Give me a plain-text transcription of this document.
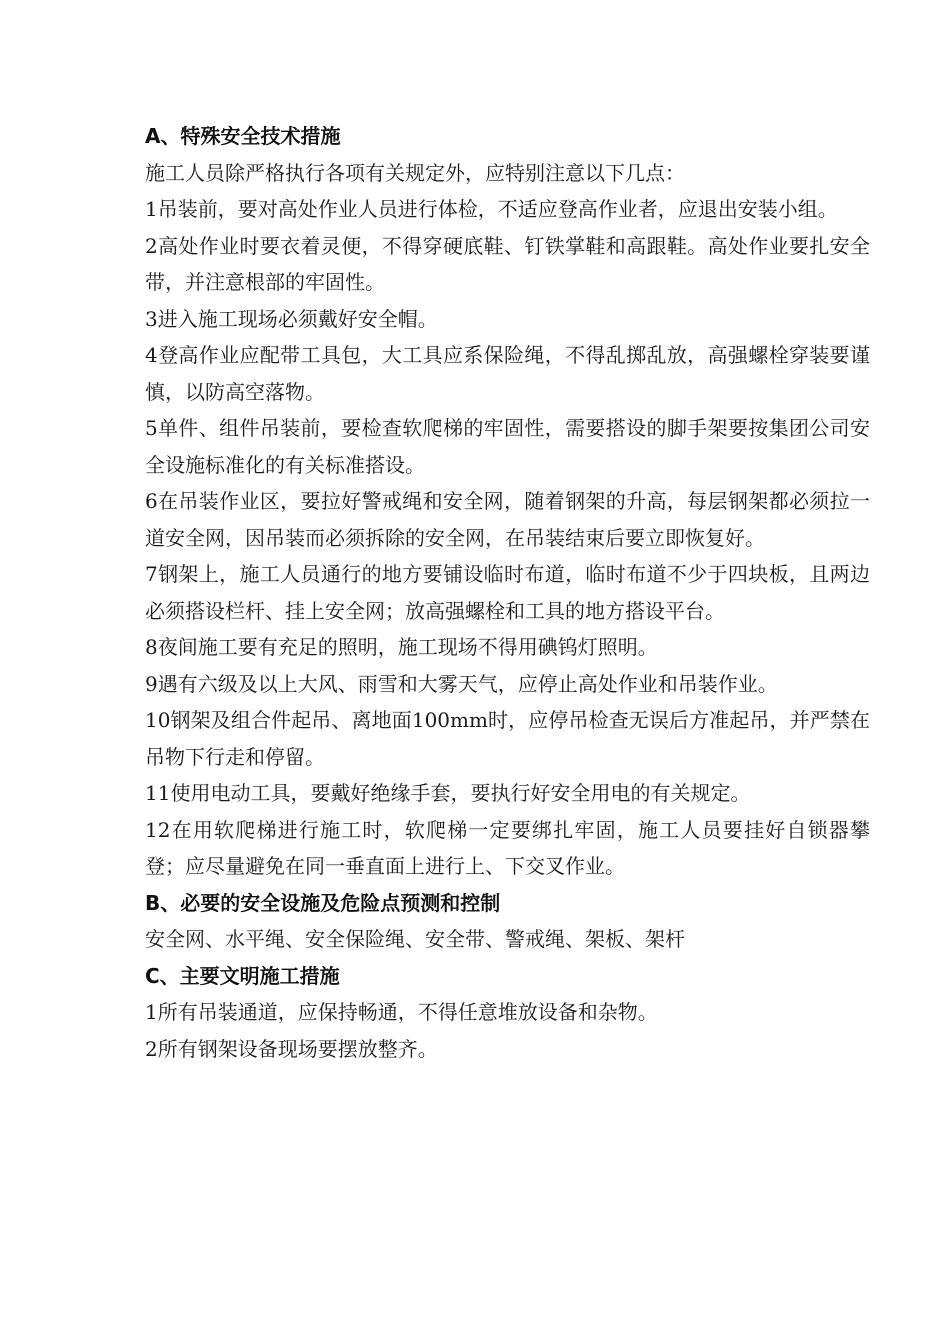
A、特殊安全技术措施

施工人员除严格执行各项有关规定外，应特别注意以下几点：

1吊装前，要对高处作业人员进行体检，不适应登高作业者，应退出安装小组。

2高处作业时要衣着灵便，不得穿硬底鞋、钉铁掌鞋和高跟鞋。高处作业要扎安全带，并注意根部的牢固性。

3进入施工现场必须戴好安全帽。

4登高作业应配带工具包，大工具应系保险绳，不得乱掷乱放，高强螺栓穿装要谨慎，以防高空落物。

5单件、组件吊装前，要检查软爬梯的牢固性，需要搭设的脚手架要按集团公司安全设施标准化的有关标准搭设。

6在吊装作业区，要拉好警戒绳和安全网，随着钢架的升高，每层钢架都必须拉一道安全网，因吊装而必须拆除的安全网，在吊装结束后要立即恢复好。

7钢架上，施工人员通行的地方要铺设临时布道，临时布道不少于四块板，且两边必须搭设栏杆、挂上安全网；放高强螺栓和工具的地方搭设平台。

8夜间施工要有充足的照明，施工现场不得用碘钨灯照明。

9遇有六级及以上大风、雨雪和大雾天气，应停止高处作业和吊装作业。

10钢架及组合件起吊、离地面100mm时，应停吊检查无误后方准起吊，并严禁在吊物下行走和停留。

11使用电动工具，要戴好绝缘手套，要执行好安全用电的有关规定。

12在用软爬梯进行施工时，软爬梯一定要绑扎牢固，施工人员要挂好自锁器攀登；应尽量避免在同一垂直面上进行上、下交叉作业。

B、必要的安全设施及危险点预测和控制

安全网、水平绳、安全保险绳、安全带、警戒绳、架板、架杆

C、主要文明施工措施

1所有吊装通道，应保持畅通，不得任意堆放设备和杂物。

2所有钢架设备现场要摆放整齐。
